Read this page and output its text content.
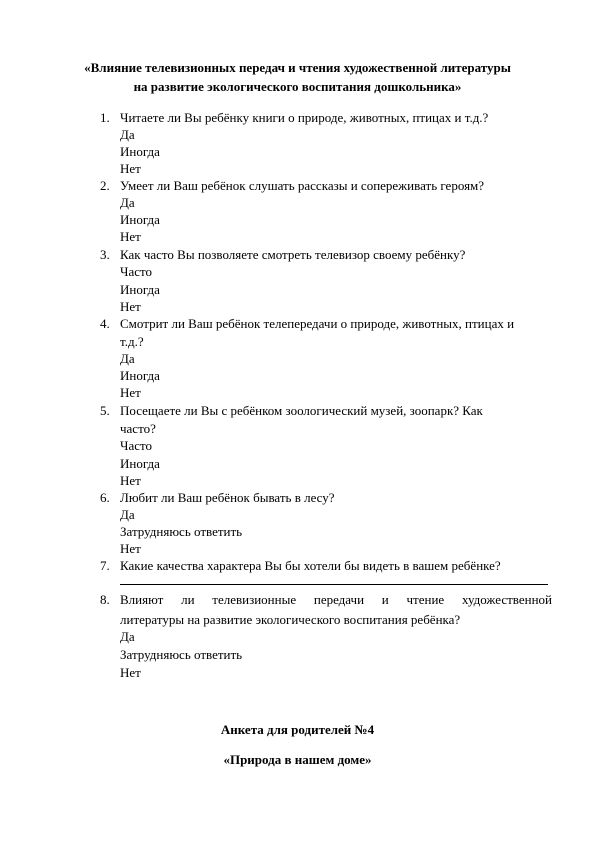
«Влияние телевизионных передач и чтения художественной литературы
на развитие экологического воспитания дошкольника»
1. Читаете ли Вы ребёнку книги о природе, животных, птицах и т.д.?
Да
Иногда
Нет
2. Умеет ли Ваш ребёнок слушать рассказы и сопереживать героям?
Да
Иногда
Нет
3. Как часто Вы позволяете смотреть телевизор своему ребёнку?
Часто
Иногда
Нет
4. Смотрит ли Ваш ребёнок телепередачи о природе, животных, птицах и
т.д.?
Да
Иногда
Нет
5. Посещаете ли Вы с ребёнком зоологический музей, зоопарк? Как
часто?
Часто
Иногда
Нет
6. Любит ли Ваш ребёнок бывать в лесу?
Да
Затрудняюсь ответить
Нет
7. Какие качества характера Вы бы хотели бы видеть в вашем ребёнке?
8. Влияют ли телевизионные передачи и чтение художественной
литературы на развитие экологического воспитания ребёнка?
Да
Затрудняюсь ответить
Нет
Анкета для родителей №4
«Природа в нашем доме»
